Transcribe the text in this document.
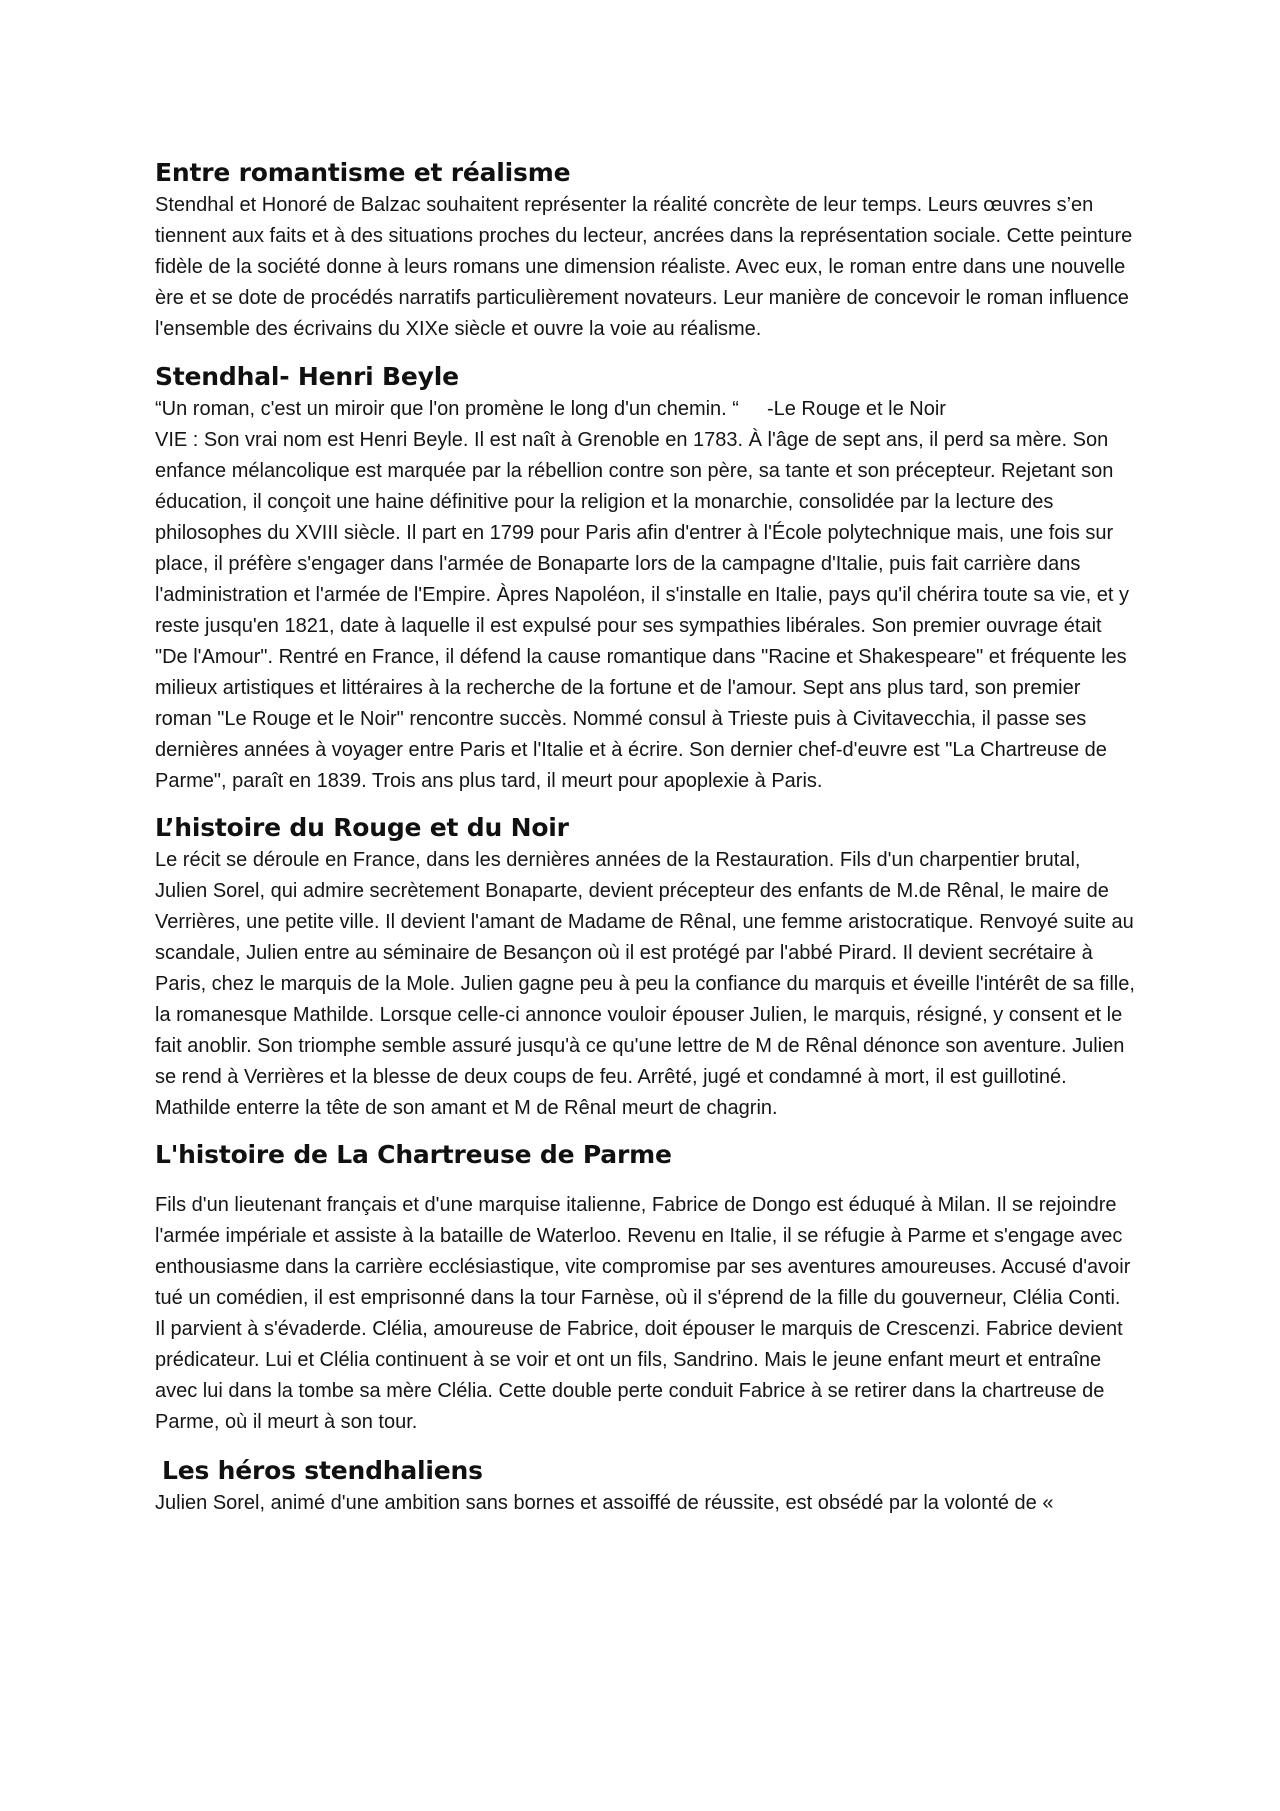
Entre romantisme et réalisme

Stendhal et Honoré de Balzac souhaitent représenter la réalité concrète de leur temps. Leurs œuvres s’en tiennent aux faits et à des situations proches du lecteur, ancrées dans la représentation sociale. Cette peinture fidèle de la société donne à leurs romans une dimension réaliste. Avec eux, le roman entre dans une nouvelle ère et se dote de procédés narratifs particulièrement novateurs. Leur manière de concevoir le roman influence l'ensemble des écrivains du XIXe siècle et ouvre la voie au réalisme.

Stendhal- Henri Beyle

“Un roman, c'est un miroir que l'on promène le long d'un chemin. “ -Le Rouge et le Noir

VIE : Son vrai nom est Henri Beyle. Il est naît à Grenoble en 1783. À l'âge de sept ans, il perd sa mère. Son enfance mélancolique est marquée par la rébellion contre son père, sa tante et son précepteur. Rejetant son éducation, il conçoit une haine définitive pour la religion et la monarchie, consolidée par la lecture des philosophes du XVIII siècle. Il part en 1799 pour Paris afin d'entrer à l'École polytechnique mais, une fois sur place, il préfère s'engager dans l'armée de Bonaparte lors de la campagne d'Italie, puis fait carrière dans l'administration et l'armée de l'Empire. Àpres Napoléon, il s'installe en Italie, pays qu'il chérira toute sa vie, et y reste jusqu'en 1821, date à laquelle il est expulsé pour ses sympathies libérales. Son premier ouvrage était "De l'Amour". Rentré en France, il défend la cause romantique dans "Racine et Shakespeare" et fréquente les milieux artistiques et littéraires à la recherche de la fortune et de l'amour. Sept ans plus tard, son premier roman "Le Rouge et le Noir" rencontre succès. Nommé consul à Trieste puis à Civitavecchia, il passe ses dernières années à voyager entre Paris et l'Italie et à écrire. Son dernier chef-d'euvre est "La Chartreuse de Parme", paraît en 1839. Trois ans plus tard, il meurt pour apoplexie à Paris.

L’histoire du Rouge et du Noir

Le récit se déroule en France, dans les dernières années de la Restauration. Fils d'un charpentier brutal, Julien Sorel, qui admire secrètement Bonaparte, devient précepteur des enfants de M.de Rênal, le maire de Verrières, une petite ville. Il devient l'amant de Madame de Rênal, une femme aristocratique. Renvoyé suite au scandale, Julien entre au séminaire de Besançon où il est protégé par l'abbé Pirard. Il devient secrétaire à Paris, chez le marquis de la Mole. Julien gagne peu à peu la confiance du marquis et éveille l'intérêt de sa fille, la romanesque Mathilde. Lorsque celle-ci annonce vouloir épouser Julien, le marquis, résigné, y consent et le fait anoblir. Son triomphe semble assuré jusqu'à ce qu'une lettre de M de Rênal dénonce son aventure. Julien se rend à Verrières et la blesse de deux coups de feu. Arrêté, jugé et condamné à mort, il est guillotiné. Mathilde enterre la tête de son amant et M de Rênal meurt de chagrin.

L'histoire de La Chartreuse de Parme

Fils d'un lieutenant français et d'une marquise italienne, Fabrice de Dongo est éduqué à Milan. Il se rejoindre l'armée impériale et assiste à la bataille de Waterloo. Revenu en Italie, il se réfugie à Parme et s'engage avec enthousiasme dans la carrière ecclésiastique, vite compromise par ses aventures amoureuses. Accusé d'avoir tué un comédien, il est emprisonné dans la tour Farnèse, où il s'éprend de la fille du gouverneur, Clélia Conti. Il parvient à s'évaderde. Clélia, amoureuse de Fabrice, doit épouser le marquis de Crescenzi. Fabrice devient prédicateur. Lui et Clélia continuent à se voir et ont un fils, Sandrino. Mais le jeune enfant meurt et entraîne avec lui dans la tombe sa mère Clélia. Cette double perte conduit Fabrice à se retirer dans la chartreuse de Parme, où il meurt à son tour.

Les héros stendhaliens

Julien Sorel, animé d'une ambition sans bornes et assoiffé de réussite, est obsédé par la volonté de «
